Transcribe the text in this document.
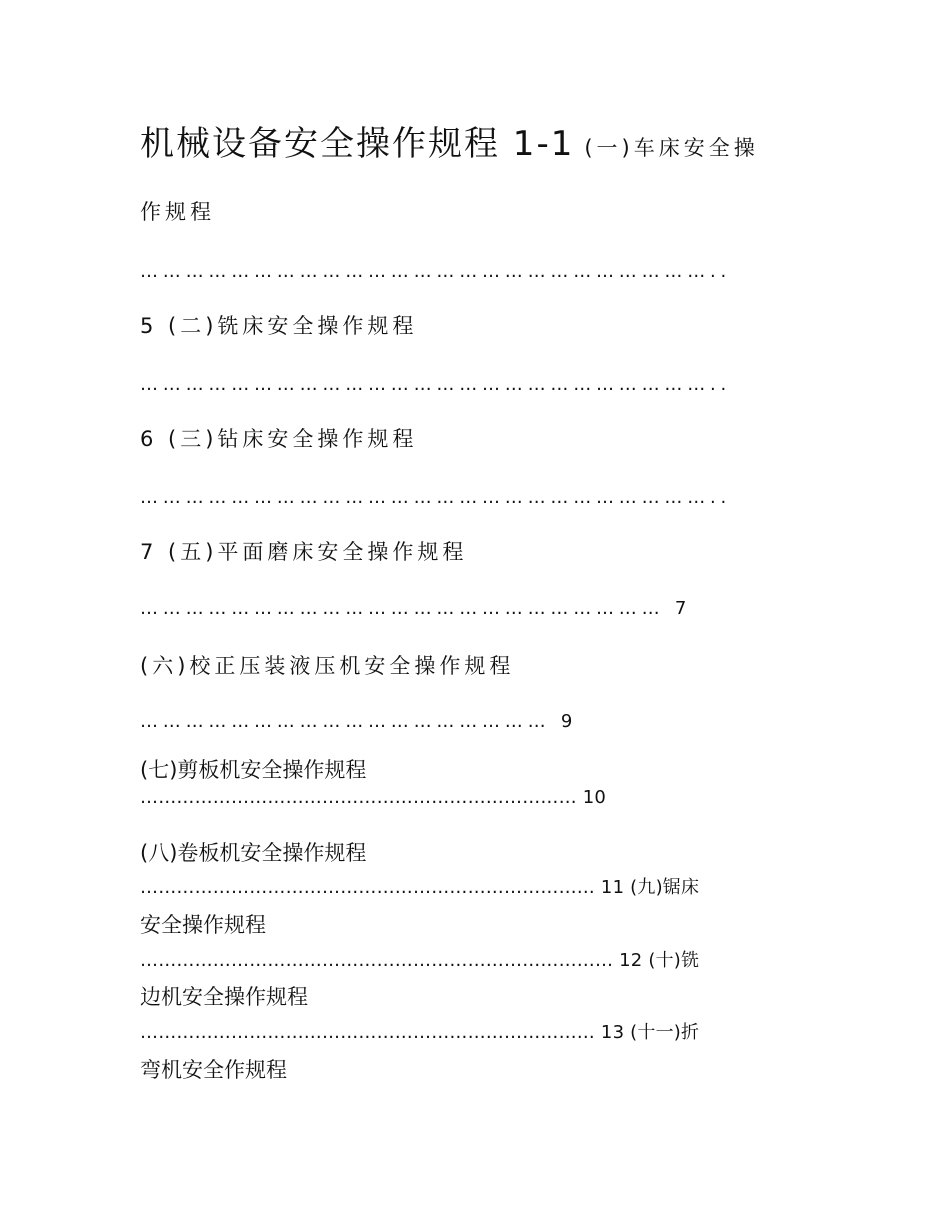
机械设备安全操作规程 1-1 (一)车床安全操
作规程
…………………………………………………………………..
5 (二)铣床安全操作规程
…………………………………………………………………..
6 (三)钻床安全操作规程
…………………………………………………………………..
7 (五)平面磨床安全操作规程
…………………………………………………………… 7
(六)校正压装液压机安全操作规程
……………………………………………… 9
(七)剪板机安全操作规程
……………………………………………………………… 10
(八)卷板机安全操作规程
………………………………………………………………… 11 (九)锯床
安全操作规程
…………………………………………………………………… 12 (十)铣
边机安全操作规程
………………………………………………………………… 13 (十一)折
弯机安全作规程
